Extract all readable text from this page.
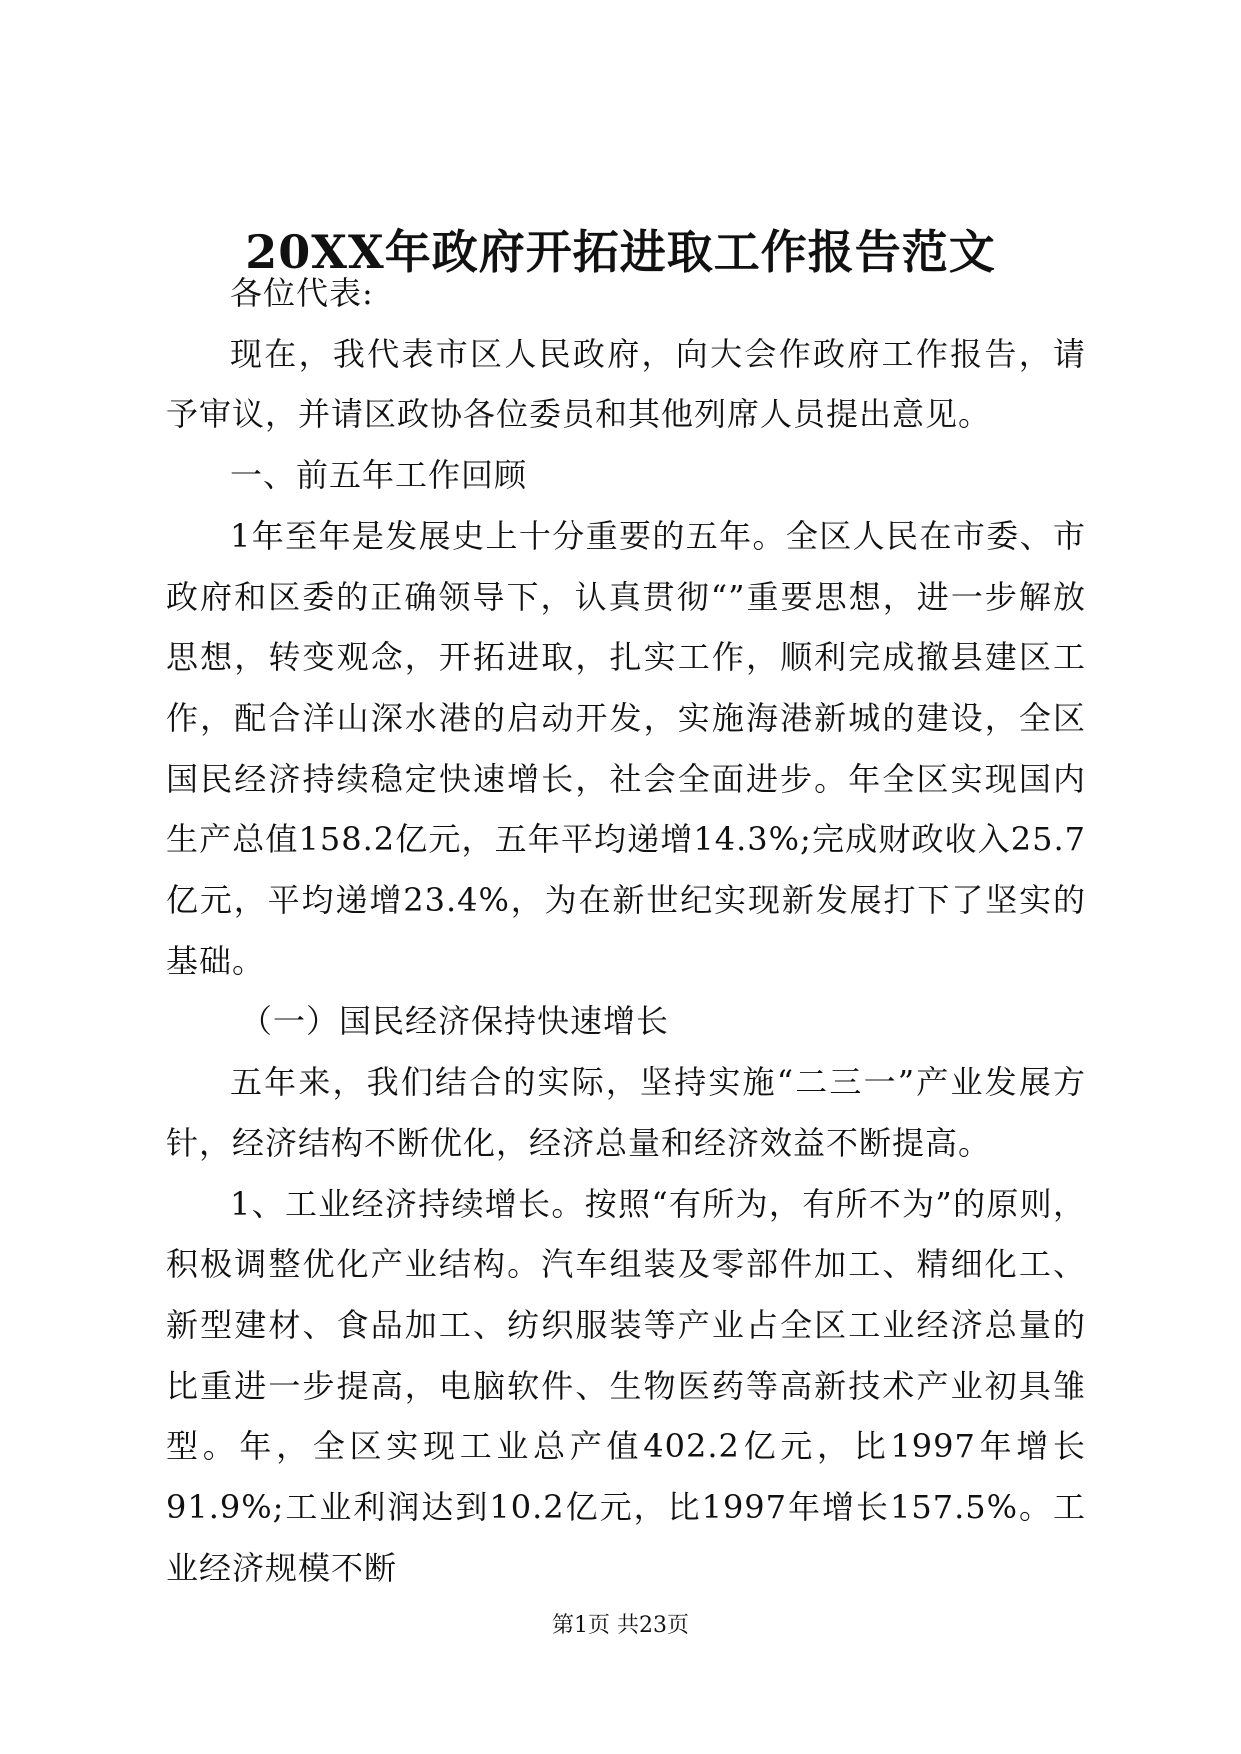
20XX年政府开拓进取工作报告范文

各位代表:

现在，我代表市区人民政府，向大会作政府工作报告，请予审议，并请区政协各位委员和其他列席人员提出意见。

一、前五年工作回顾

1年至年是发展史上十分重要的五年。全区人民在市委、市政府和区委的正确领导下，认真贯彻“”重要思想，进一步解放思想，转变观念，开拓进取，扎实工作，顺利完成撤县建区工作，配合洋山深水港的启动开发，实施海港新城的建设，全区国民经济持续稳定快速增长，社会全面进步。年全区实现国内生产总值158.2亿元，五年平均递增14.3%;完成财政收入25.7亿元，平均递增23.4%，为在新世纪实现新发展打下了坚实的基础。

（一）国民经济保持快速增长

五年来，我们结合的实际，坚持实施“二三一”产业发展方针，经济结构不断优化，经济总量和经济效益不断提高。

1、工业经济持续增长。按照“有所为，有所不为”的原则，积极调整优化产业结构。汽车组装及零部件加工、精细化工、新型建材、食品加工、纺织服装等产业占全区工业经济总量的比重进一步提高，电脑软件、生物医药等高新技术产业初具雏型。年，全区实现工业总产值402.2亿元，比1997年增长91.9%;工业利润达到10.2亿元，比1997年增长157.5%。工业经济规模不断

第1页 共23页
